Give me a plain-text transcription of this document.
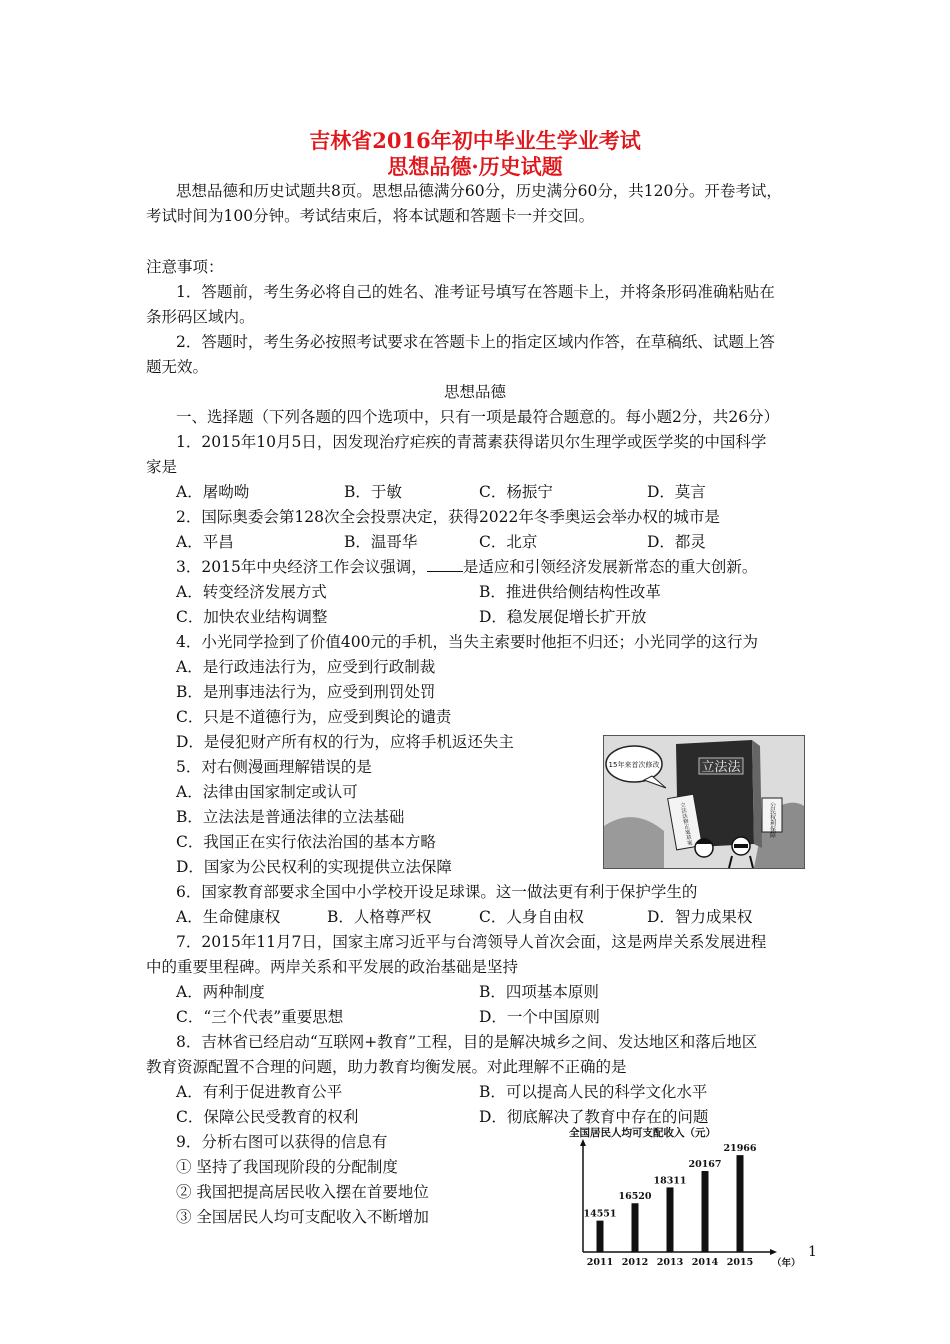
吉林省2016年初中毕业生学业考试
思想品德·历史试题
思想品德和历史试题共8页。思想品德满分60分，历史满分60分，共120分。开卷考试，
考试时间为100分钟。考试结束后，将本试题和答题卡一并交回。
注意事项：
1．答题前，考生务必将自己的姓名、准考证号填写在答题卡上，并将条形码准确粘贴在
条形码区域内。
2．答题时，考生务必按照考试要求在答题卡上的指定区域内作答，在草稿纸、试题上答
题无效。
思想品德
一、选择题（下列各题的四个选项中，只有一项是最符合题意的。每小题2分，共26分）
1．2015年10月5日，因发现治疗疟疾的青蒿素获得诺贝尔生理学或医学奖的中国科学
家是
A．屠呦呦	B．于敏	C．杨振宁	D．莫言
2．国际奥委会第128次全会投票决定，获得2022年冬季奥运会举办权的城市是
A．平昌	B．温哥华	C．北京	D．都灵
3．2015年中央经济工作会议强调， 是适应和引领经济发展新常态的重大创新。
A．转变经济发展方式	B．推进供给侧结构性改革
C．加快农业结构调整	D．稳发展促增长扩开放
4．小光同学捡到了价值400元的手机，当失主索要时他拒不归还；小光同学的这行为
A．是行政违法行为，应受到行政制裁
B．是刑事违法行为，应受到刑罚处罚
C．只是不道德行为，应受到舆论的谴责
D．是侵犯财产所有权的行为，应将手机返还失主
5．对右侧漫画理解错误的是
A．法律由国家制定或认可
B．立法法是普通法律的立法基础
C．我国正在实行依法治国的基本方略
D．国家为公民权利的实现提供立法保障
立法法
15年来首次修改
立法法修正案草案	公民权利保障
6．国家教育部要求全国中小学校开设足球课。这一做法更有利于保护学生的
A．生命健康权	B．人格尊严权	C．人身自由权	D．智力成果权
7．2015年11月7日，国家主席习近平与台湾领导人首次会面，这是两岸关系发展进程
中的重要里程碑。两岸关系和平发展的政治基础是坚持
A．两种制度	B．四项基本原则
C．“三个代表”重要思想	D．一个中国原则
8．吉林省已经启动“互联网+教育”工程，目的是解决城乡之间、发达地区和落后地区
教育资源配置不合理的问题，助力教育均衡发展。对此理解不正确的是
A．有利于促进教育公平	B．可以提高人民的科学文化水平
C．保障公民受教育的权利	D．彻底解决了教育中存在的问题
9．分析右图可以获得的信息有
① 坚持了我国现阶段的分配制度
② 我国把提高居民收入摆在首要地位
③ 全国居民人均可支配收入不断增加
全国居民人均可支配收入（元）
14551
2011
16520
2012
18311
2013
20167
2014
21966
2015 （年）
1
